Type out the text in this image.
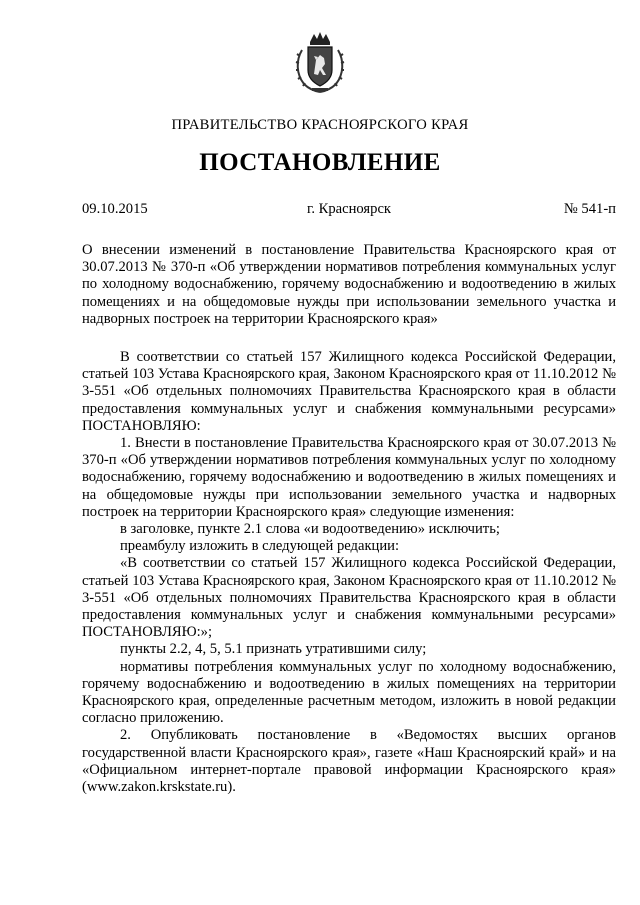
ПРАВИТЕЛЬСТВО КРАСНОЯРСКОГО КРАЯ
ПОСТАНОВЛЕНИЕ
09.10.2015	г. Красноярск	№ 541-п
О внесении изменений в постановление Правительства Красноярского края от 30.07.2013 № 370-п «Об утверждении нормативов потребления коммунальных услуг по холодному водоснабжению, горячему водоснабжению и водоотведению в жилых помещениях и на общедомовые нужды при использовании земельного участка и надворных построек на территории Красноярского края»

В соответствии со статьей 157 Жилищного кодекса Российской Федерации, статьей 103 Устава Красноярского края, Законом Красноярского края от 11.10.2012 № 3-551 «Об отдельных полномочиях Правительства Красноярского края в области предоставления коммунальных услуг и снабжения коммунальными ресурсами» ПОСТАНОВЛЯЮ:

1. Внести в постановление Правительства Красноярского края от 30.07.2013 № 370-п «Об утверждении нормативов потребления коммунальных услуг по холодному водоснабжению, горячему водоснабжению и водоотведению в жилых помещениях и на общедомовые нужды при использовании земельного участка и надворных построек на территории Красноярского края» следующие изменения:

в заголовке, пункте 2.1 слова «и водоотведению» исключить;

преамбулу изложить в следующей редакции:

«В соответствии со статьей 157 Жилищного кодекса Российской Федерации, статьей 103 Устава Красноярского края, Законом Красноярского края от 11.10.2012 № 3-551 «Об отдельных полномочиях Правительства Красноярского края в области предоставления коммунальных услуг и снабжения коммунальными ресурсами» ПОСТАНОВЛЯЮ:»;

пункты 2.2, 4, 5, 5.1 признать утратившими силу;

нормативы потребления коммунальных услуг по холодному водоснабжению, горячему водоснабжению и водоотведению в жилых помещениях на территории Красноярского края, определенные расчетным методом, изложить в новой редакции согласно приложению.

2. Опубликовать постановление в «Ведомостях высших органов государственной власти Красноярского края», газете «Наш Красноярский край» и на «Официальном интернет-портале правовой информации Красноярского края» (www.zakon.krskstate.ru).
